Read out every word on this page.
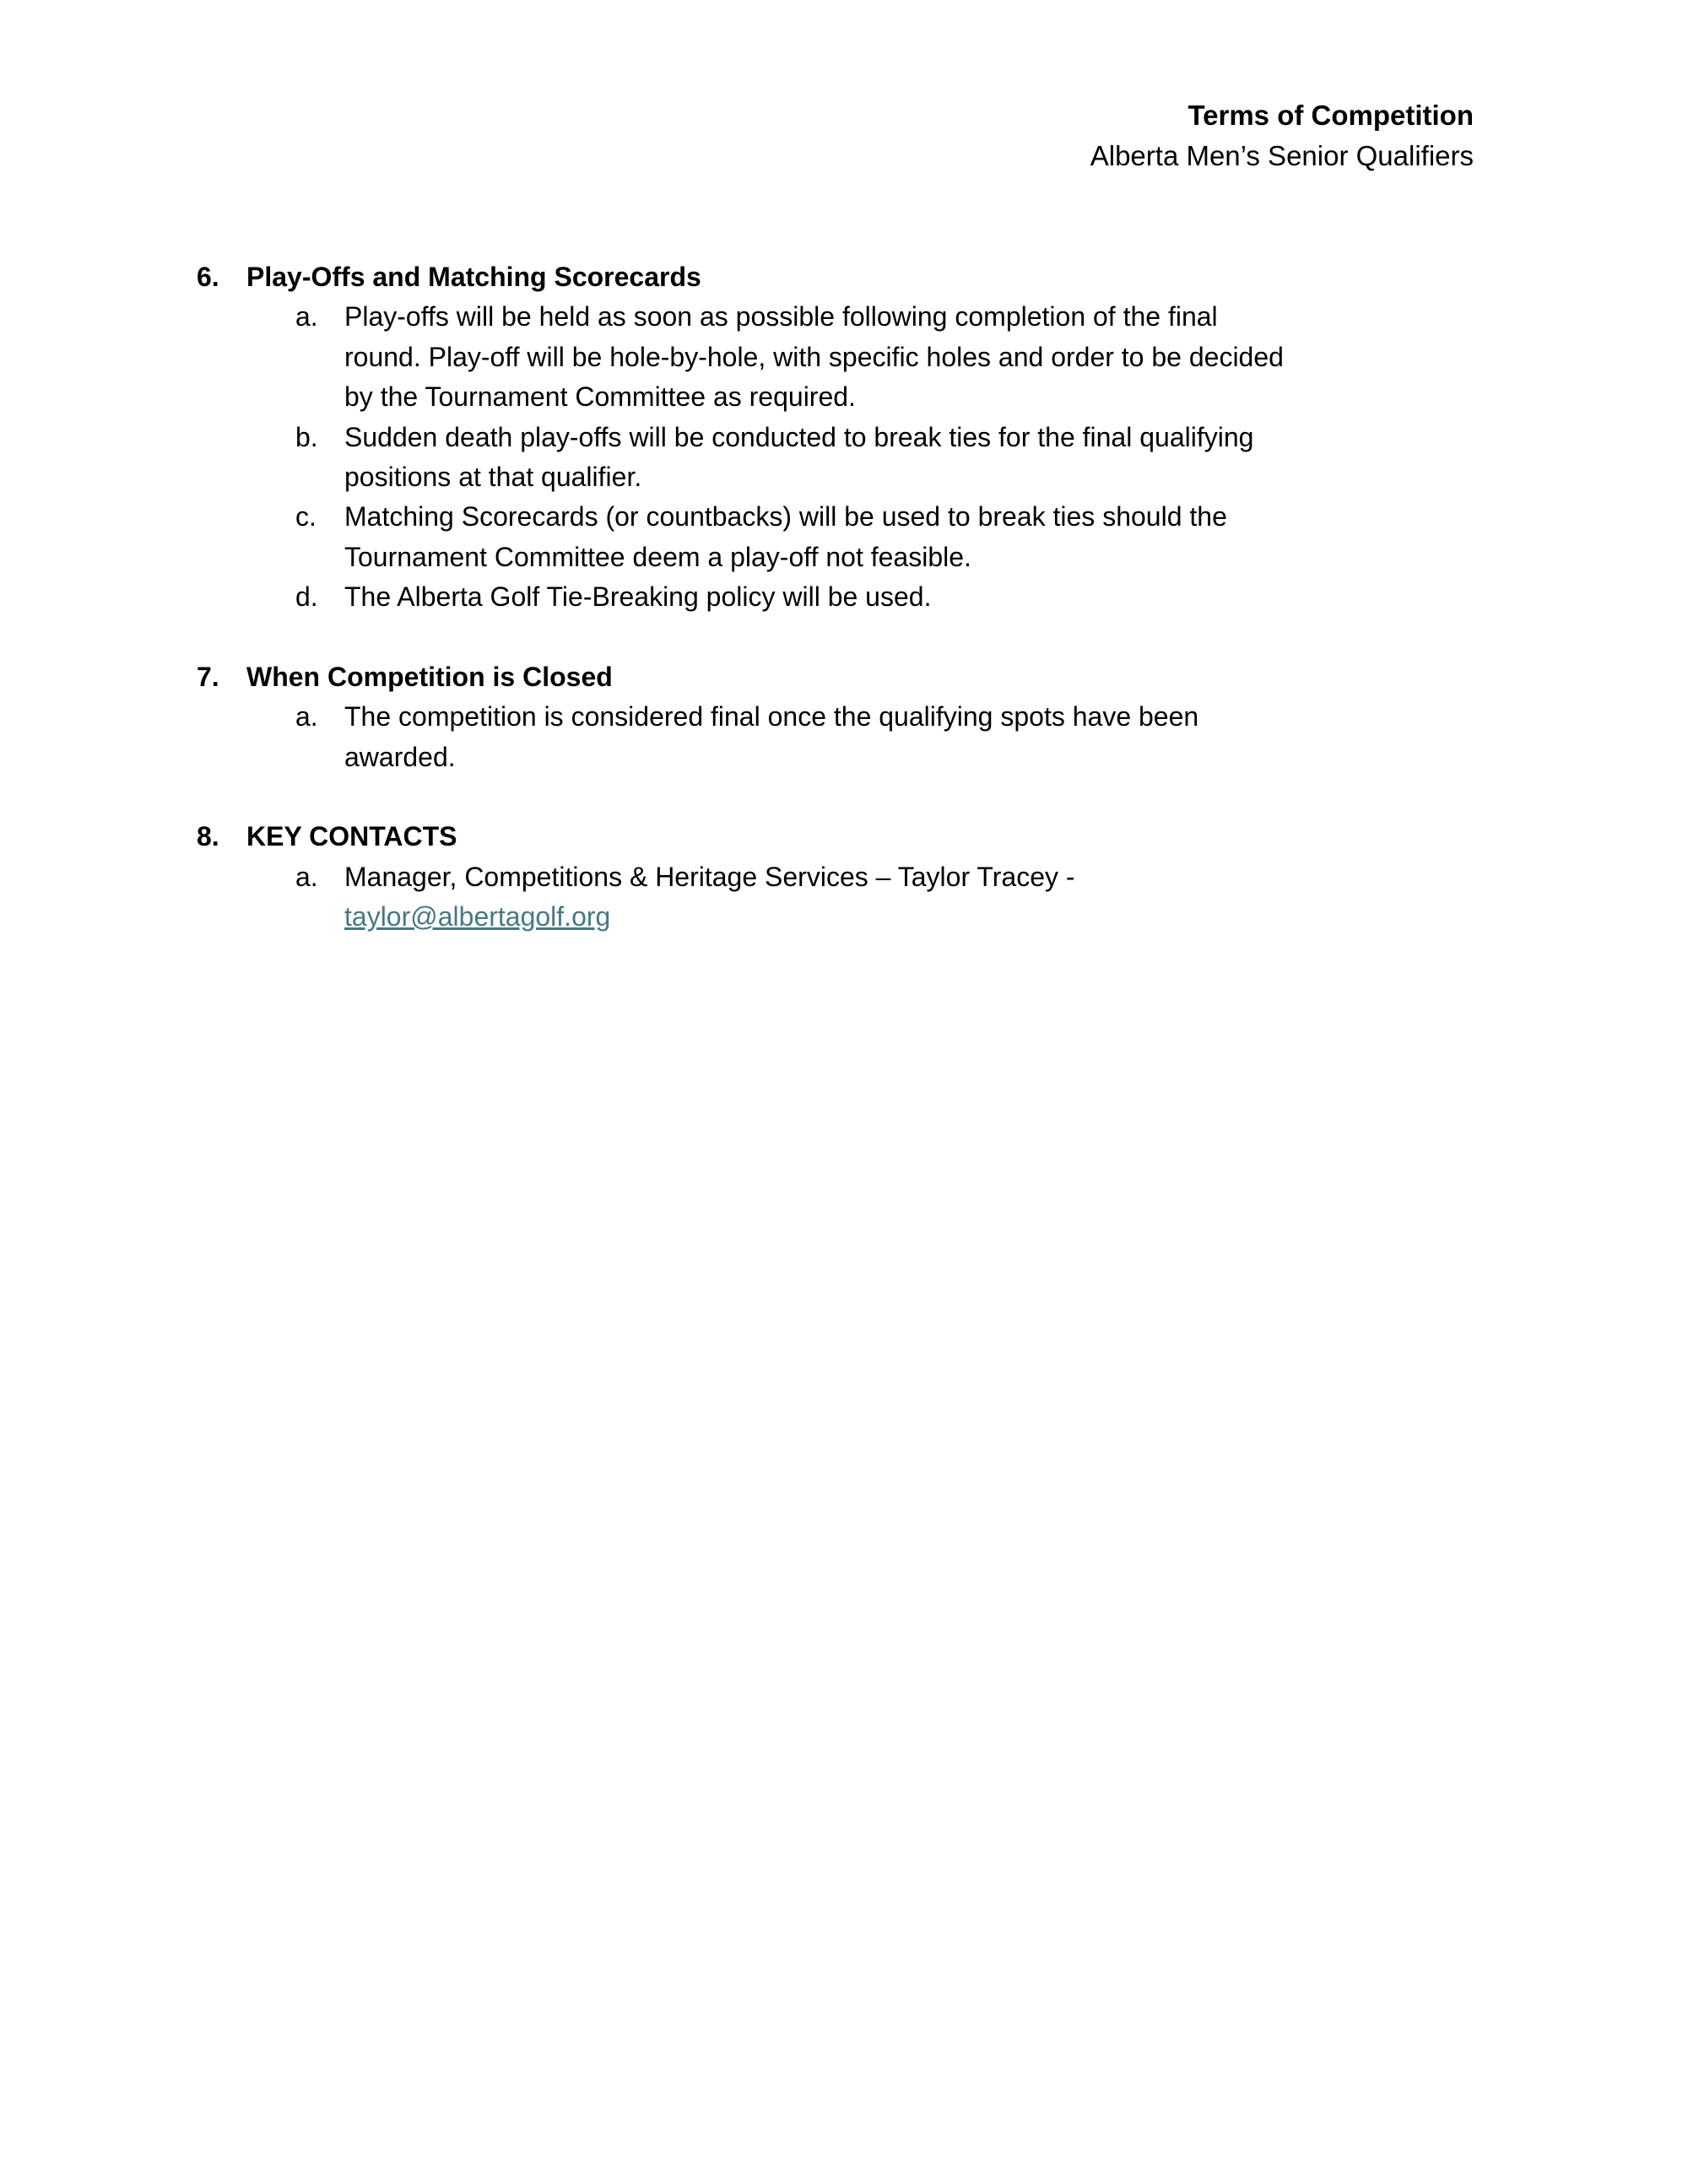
Terms of Competition
Alberta Men’s Senior Qualifiers
6. Play-Offs and Matching Scorecards
a. Play-offs will be held as soon as possible following completion of the final
round. Play-off will be hole-by-hole, with specific holes and order to be decided
by the Tournament Committee as required.
b. Sudden death play-offs will be conducted to break ties for the final qualifying
positions at that qualifier.
c. Matching Scorecards (or countbacks) will be used to break ties should the
Tournament Committee deem a play-off not feasible.
d. The Alberta Golf Tie-Breaking policy will be used.
7. When Competition is Closed
a. The competition is considered final once the qualifying spots have been
awarded.
8. KEY CONTACTS
a. Manager, Competitions & Heritage Services – Taylor Tracey -
taylor@albertagolf.org
